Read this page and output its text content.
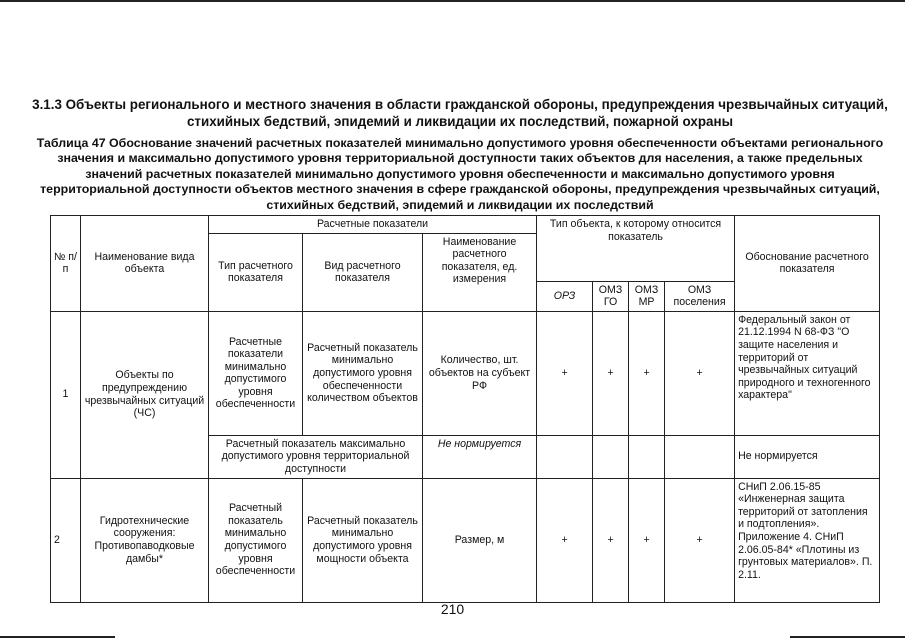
3.1.3 Объекты регионального и местного значения в области гражданской обороны, предупреждения чрезвычайных ситуаций, стихийных бедствий, эпидемий и ликвидации их последствий, пожарной охраны
Таблица 47 Обоснование значений расчетных показателей минимально допустимого уровня обеспеченности объектами регионального значения и максимально допустимого уровня территориальной доступности таких объектов для населения, а также предельных значений расчетных показателей минимально допустимого уровня обеспеченности и максимально допустимого уровня территориальной доступности объектов местного значения в сфере гражданской обороны, предупреждения чрезвычайных ситуаций, стихийных бедствий, эпидемий и ликвидации их последствий
№ п/п	Наименование вида объекта	Расчетные показатели			Тип объекта, к которому относится показатель				Обоснование расчетного показателя
		Тип расчетного показателя	Вид расчетного показателя	Наименование расчетного показателя, ед. измерения					
					ОРЗ	ОМЗ ГО	ОМЗ МР	ОМЗ поселения	
1	Объекты по предупреждению чрезвычайных ситуаций (ЧС)	Расчетные показатели минимально допустимого уровня обеспеченности	Расчетный показатель минимально допустимого уровня обеспеченности количеством объектов	Количество, шт. объектов на субъект РФ	+	+	+	+	Федеральный закон от 21.12.1994 N 68-ФЗ "О защите населения и территорий от чрезвычайных ситуаций природного и техногенного характера"
		Расчетный показатель максимально допустимого уровня территориальной доступности		Не нормируется					Не нормируется
2	Гидротехнические сооружения: Противопаводковые дамбы*	Расчетный показатель минимально допустимого уровня обеспеченности	Расчетный показатель минимально допустимого уровня мощности объекта	Размер, м	+	+	+	+	СНиП 2.06.15-85 «Инженерная защита территорий от затопления и подтопления». Приложение 4. СНиП 2.06.05-84* «Плотины из грунтовых материалов». П. 2.11.
210
